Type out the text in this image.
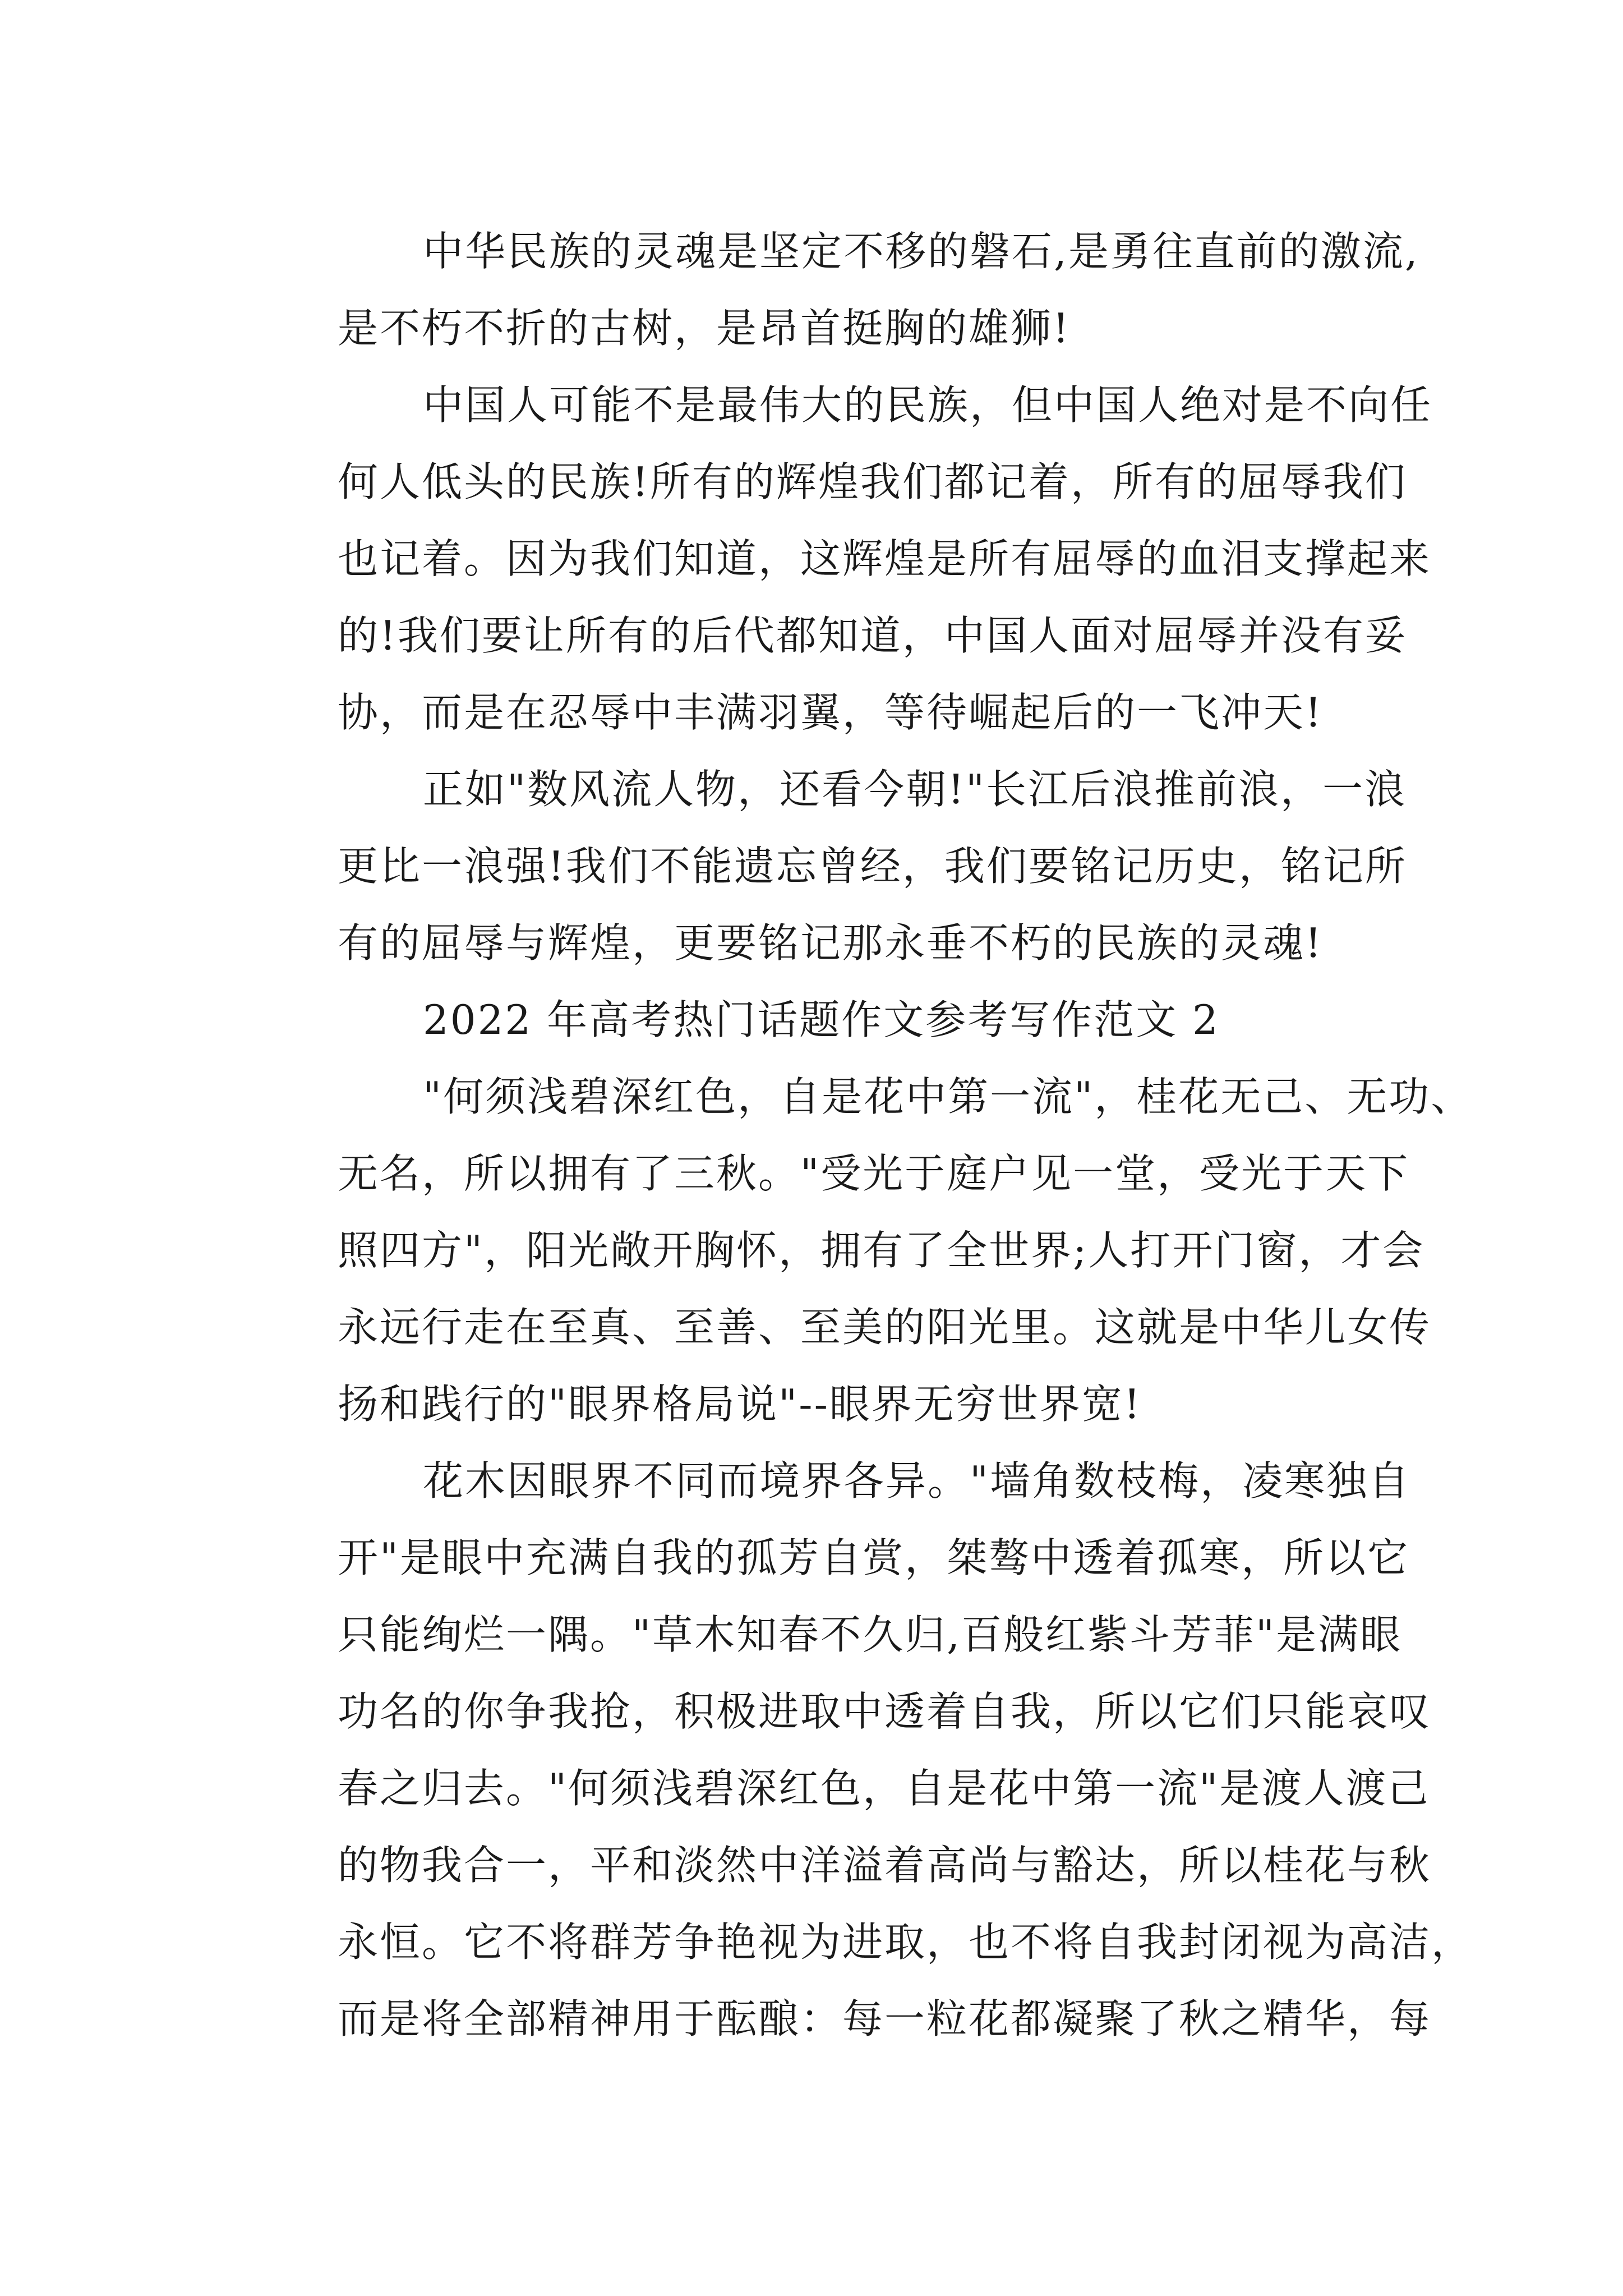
中华民族的灵魂是坚定不移的磐石,是勇往直前的激流,
是不朽不折的古树，是昂首挺胸的雄狮!
中国人可能不是最伟大的民族，但中国人绝对是不向任
何人低头的民族!所有的辉煌我们都记着，所有的屈辱我们
也记着。因为我们知道，这辉煌是所有屈辱的血泪支撑起来
的!我们要让所有的后代都知道，中国人面对屈辱并没有妥
协，而是在忍辱中丰满羽翼，等待崛起后的一飞冲天!
正如"数风流人物，还看今朝!"长江后浪推前浪，一浪
更比一浪强!我们不能遗忘曾经，我们要铭记历史，铭记所
有的屈辱与辉煌，更要铭记那永垂不朽的民族的灵魂!
2022 年高考热门话题作文参考写作范文 2
"何须浅碧深红色，自是花中第一流"，桂花无己、无功、
无名，所以拥有了三秋。"受光于庭户见一堂，受光于天下
照四方"，阳光敞开胸怀，拥有了全世界;人打开门窗，才会
永远行走在至真、至善、至美的阳光里。这就是中华儿女传
扬和践行的"眼界格局说"--眼界无穷世界宽!
花木因眼界不同而境界各异。"墙角数枝梅，凌寒独自
开"是眼中充满自我的孤芳自赏，桀骜中透着孤寒，所以它
只能绚烂一隅。"草木知春不久归,百般红紫斗芳菲"是满眼
功名的你争我抢，积极进取中透着自我，所以它们只能哀叹
春之归去。"何须浅碧深红色，自是花中第一流"是渡人渡己
的物我合一，平和淡然中洋溢着高尚与豁达，所以桂花与秋
永恒。它不将群芳争艳视为进取，也不将自我封闭视为高洁，
而是将全部精神用于酝酿：每一粒花都凝聚了秋之精华，每
